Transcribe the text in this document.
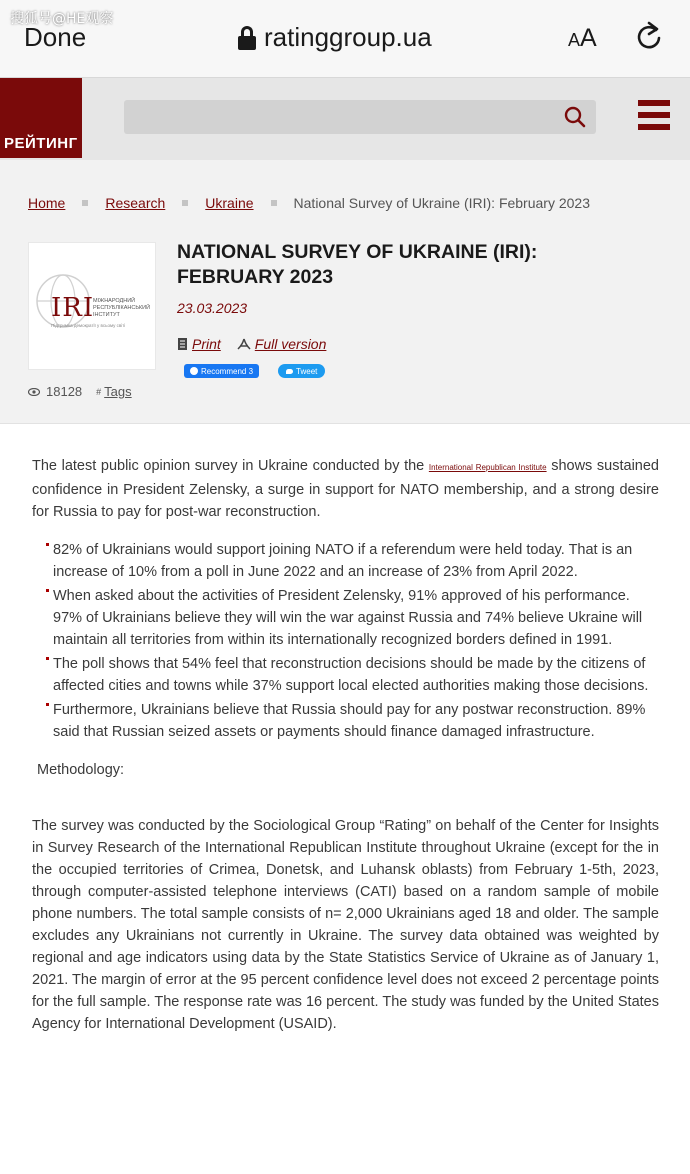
搜狐号@HE观察
Done	ratinggroup.ua	AA
РЕЙТИНГ
Home	Research	Ukraine	National Survey of Ukraine (IRI): February 2023
IRI
МІЖНАРОДНИЙ РЕСПУБЛІКАНСЬКИЙ ІНСТИТУТ
Підтримка демократії у всьому світі
NATIONAL SURVEY OF UKRAINE (IRI): FEBRUARY 2023
23.03.2023
Print Full version
Recommend 3	Tweet
18128 # Tags

The latest public opinion survey in Ukraine conducted by the International Republican Institute shows sustained confidence in President Zelensky, a surge in support for NATO membership, and a strong desire for Russia to pay for post-war reconstruction.

82% of Ukrainians would support joining NATO if a referendum were held today. That is an increase of 10% from a poll in June 2022 and an increase of 23% from April 2022.
When asked about the activities of President Zelensky, 91% approved of his performance. 97% of Ukrainians believe they will win the war against Russia and 74% believe Ukraine will maintain all territories from within its internationally recognized borders defined in 1991.
The poll shows that 54% feel that reconstruction decisions should be made by the citizens of affected cities and towns while 37% support local elected authorities making those decisions.
Furthermore, Ukrainians believe that Russia should pay for any postwar reconstruction. 89% said that Russian seized assets or payments should finance damaged infrastructure.

Methodology:

The survey was conducted by the Sociological Group “Rating” on behalf of the Center for Insights in Survey Research of the International Republican Institute throughout Ukraine (except for the in the occupied territories of Crimea, Donetsk, and Luhansk oblasts) from February 1-5th, 2023, through computer-assisted telephone interviews (CATI) based on a random sample of mobile phone numbers. The total sample consists of n= 2,000 Ukrainians aged 18 and older. The sample excludes any Ukrainians not currently in Ukraine. The survey data obtained was weighted by regional and age indicators using data by the State Statistics Service of Ukraine as of January 1, 2021. The margin of error at the 95 percent confidence level does not exceed 2 percentage points for the full sample. The response rate was 16 percent. The study was funded by the United States Agency for International Development (USAID).
